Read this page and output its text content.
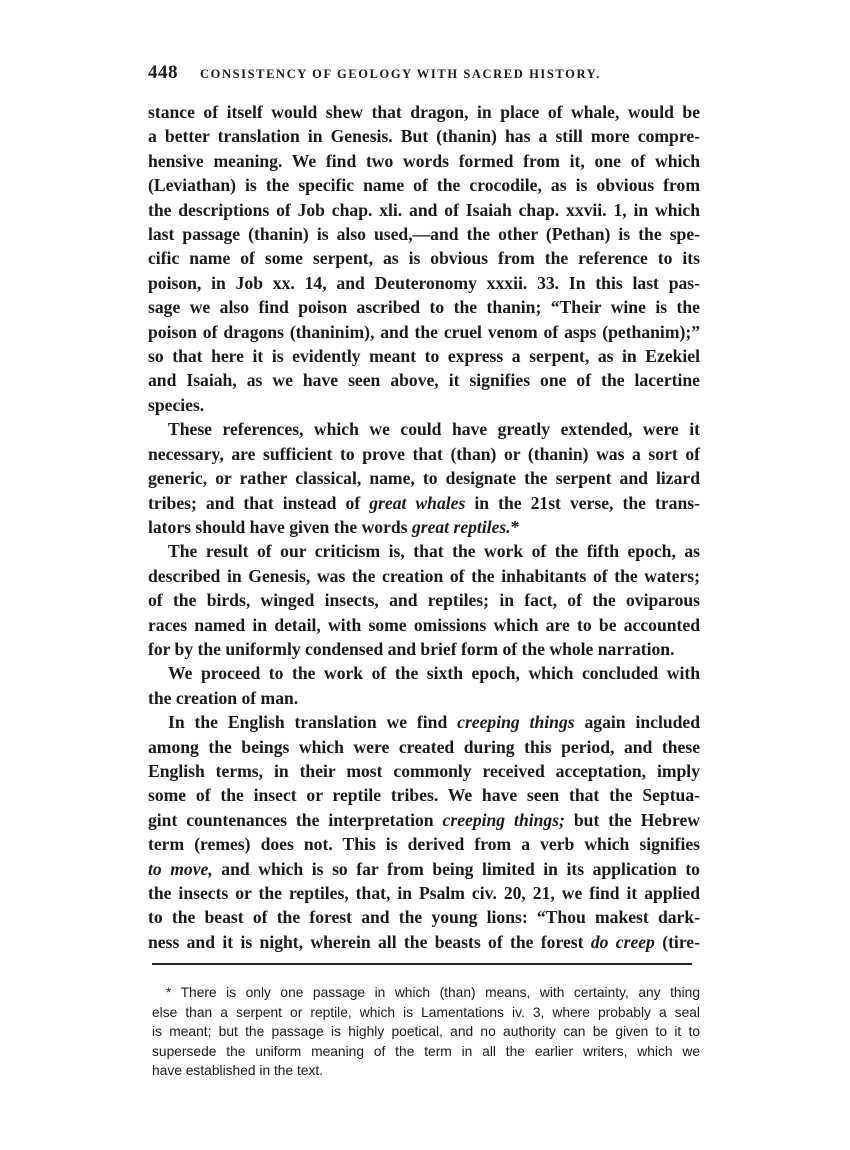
448 CONSISTENCY OF GEOLOGY WITH SACRED HISTORY.

stance of itself would shew that dragon, in place of whale, would be
a better translation in Genesis. But (thanin) has a still more compre-
hensive meaning. We find two words formed from it, one of which
(Leviathan) is the specific name of the crocodile, as is obvious from
the descriptions of Job chap. xli. and of Isaiah chap. xxvii. 1, in which
last passage (thanin) is also used,—and the other (Pethan) is the spe-
cific name of some serpent, as is obvious from the reference to its
poison, in Job xx. 14, and Deuteronomy xxxii. 33. In this last pas-
sage we also find poison ascribed to the thanin; “Their wine is the
poison of dragons (thaninim), and the cruel venom of asps (pethanim);”
so that here it is evidently meant to express a serpent, as in Ezekiel
and Isaiah, as we have seen above, it signifies one of the lacertine
species.

These references, which we could have greatly extended, were it
necessary, are sufficient to prove that (than) or (thanin) was a sort of
generic, or rather classical, name, to designate the serpent and lizard
tribes; and that instead of great whales in the 21st verse, the trans-
lators should have given the words great reptiles.*

The result of our criticism is, that the work of the fifth epoch, as
described in Genesis, was the creation of the inhabitants of the waters;
of the birds, winged insects, and reptiles; in fact, of the oviparous
races named in detail, with some omissions which are to be accounted
for by the uniformly condensed and brief form of the whole narration.

We proceed to the work of the sixth epoch, which concluded with
the creation of man.

In the English translation we find creeping things again included
among the beings which were created during this period, and these
English terms, in their most commonly received acceptation, imply
some of the insect or reptile tribes. We have seen that the Septua-
gint countenances the interpretation creeping things; but the Hebrew
term (remes) does not. This is derived from a verb which signifies
to move, and which is so far from being limited in its application to
the insects or the reptiles, that, in Psalm civ. 20, 21, we find it applied
to the beast of the forest and the young lions: “Thou makest dark-
ness and it is night, wherein all the beasts of the forest do creep (tire-

* There is only one passage in which (than) means, with certainty, any thing
else than a serpent or reptile, which is Lamentations iv. 3, where probably a seal
is meant; but the passage is highly poetical, and no authority can be given to it to
supersede the uniform meaning of the term in all the earlier writers, which we
have established in the text.
